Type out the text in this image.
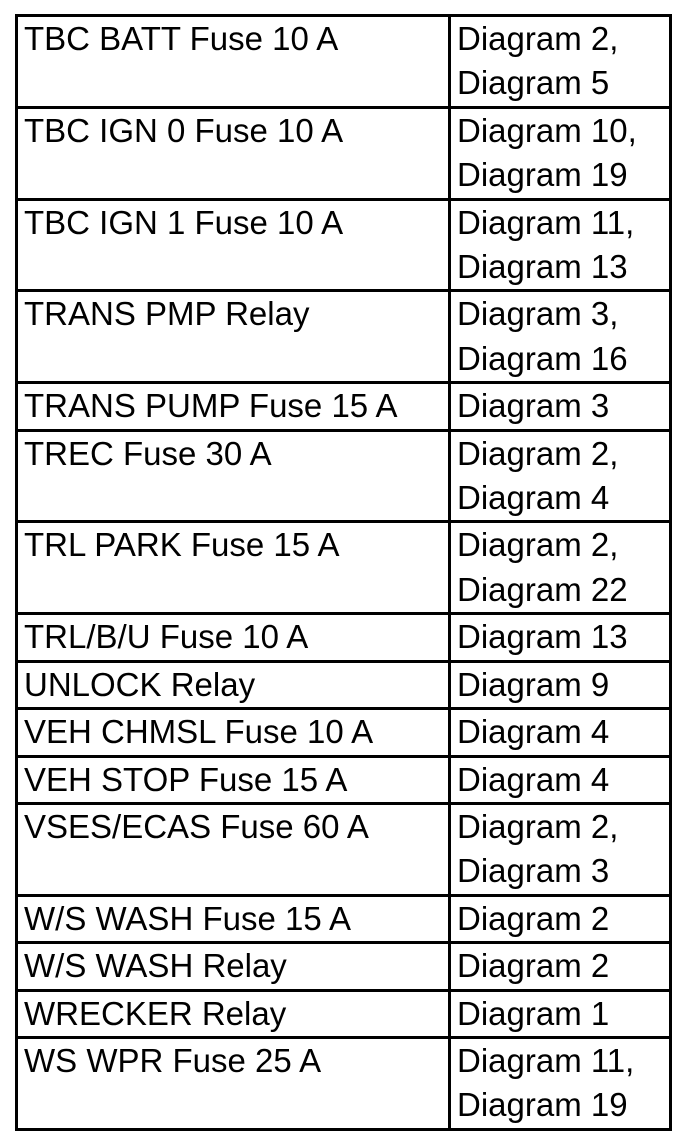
TBC BATT Fuse 10 A	Diagram 2,
Diagram 5

TBC IGN 0 Fuse 10 A	Diagram 10,
Diagram 19

TBC IGN 1 Fuse 10 A	Diagram 11,
Diagram 13

TRANS PMP Relay	Diagram 3,
Diagram 16

TRANS PUMP Fuse 15 A	Diagram 3

TREC Fuse 30 A	Diagram 2,
Diagram 4

TRL PARK Fuse 15 A	Diagram 2,
Diagram 22

TRL/B/U Fuse 10 A	Diagram 13

UNLOCK Relay	Diagram 9

VEH CHMSL Fuse 10 A	Diagram 4

VEH STOP Fuse 15 A	Diagram 4

VSES/ECAS Fuse 60 A	Diagram 2,
Diagram 3

W/S WASH Fuse 15 A	Diagram 2

W/S WASH Relay	Diagram 2

WRECKER Relay	Diagram 1

WS WPR Fuse 25 A	Diagram 11,
Diagram 19
